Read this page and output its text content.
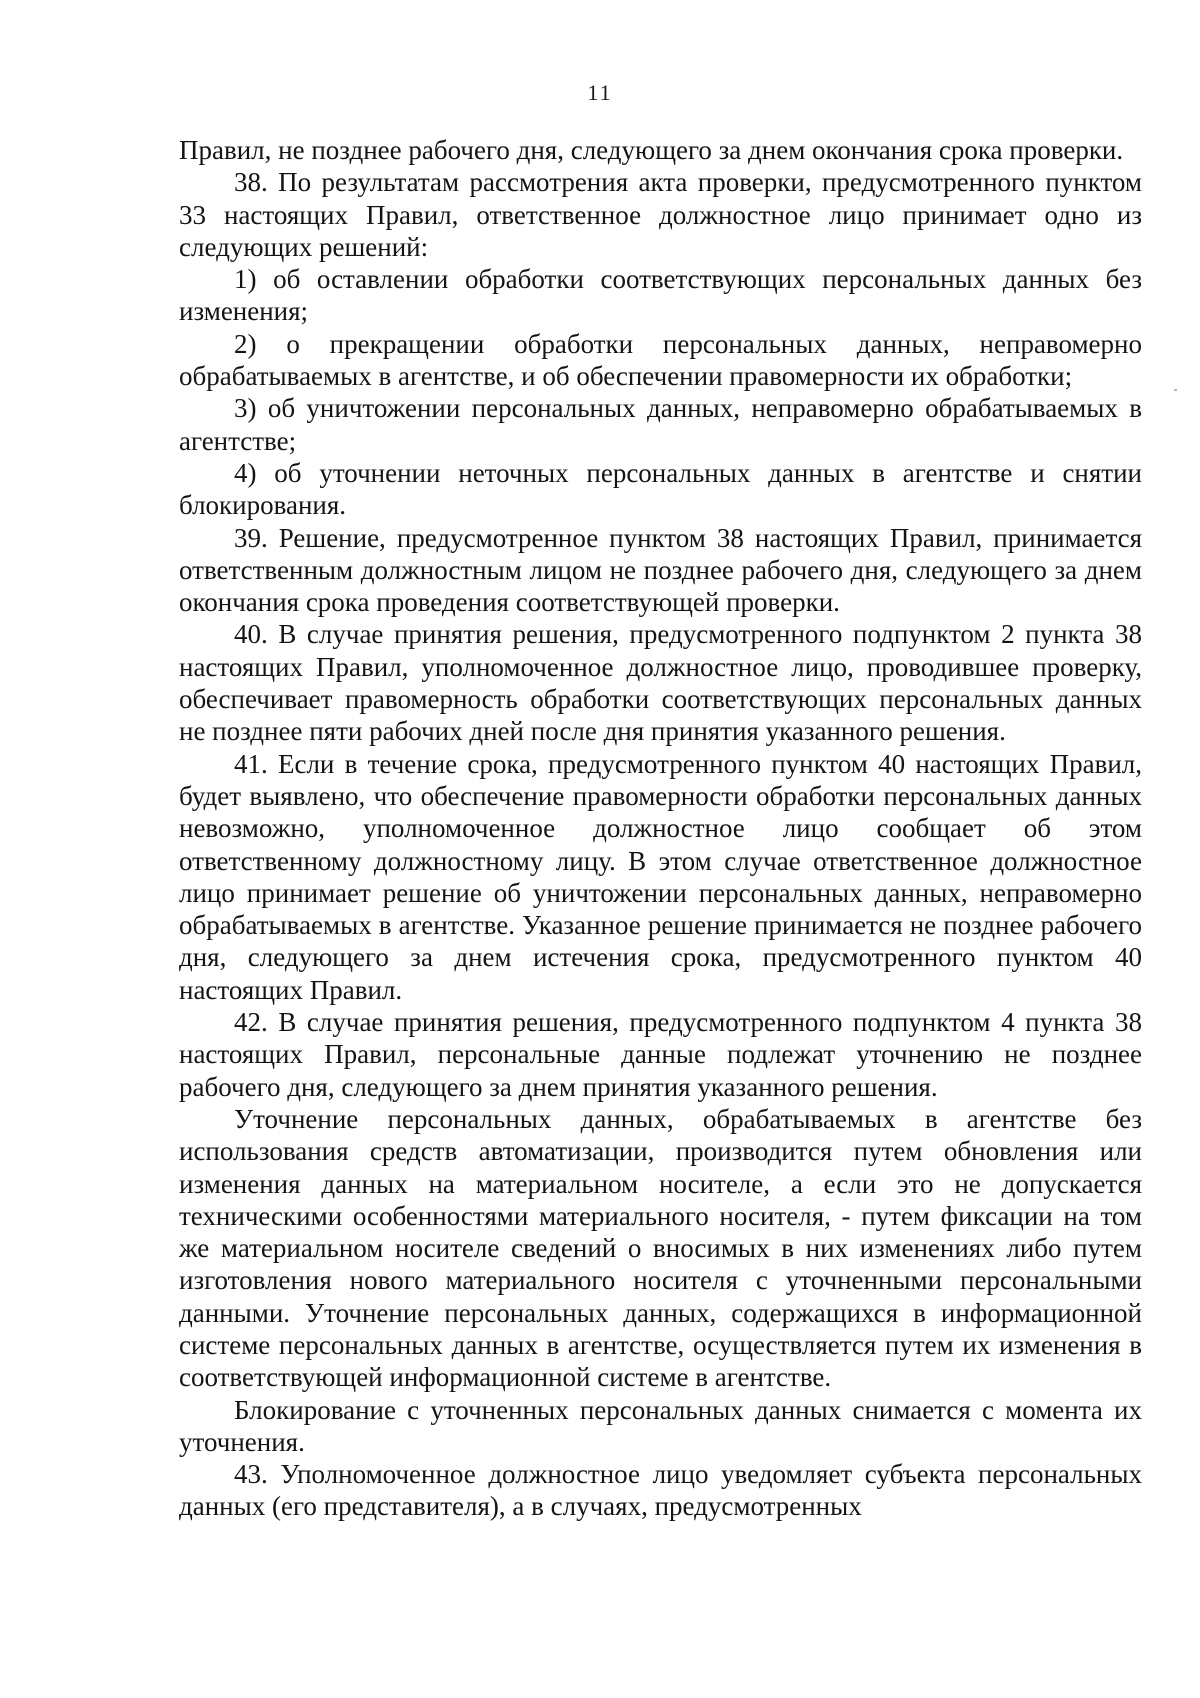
11

Правил, не позднее рабочего дня, следующего за днем окончания срока проверки.

38. По результатам рассмотрения акта проверки, предусмотренного пунктом 33 настоящих Правил, ответственное должностное лицо принимает одно из следующих решений:

1) об оставлении обработки соответствующих персональных данных без изменения;

2) о прекращении обработки персональных данных, неправомерно обрабатываемых в агентстве, и об обеспечении правомерности их обработки;

3) об уничтожении персональных данных, неправомерно обрабатываемых в агентстве;

4) об уточнении неточных персональных данных в агентстве и снятии блокирования.

39. Решение, предусмотренное пунктом 38 настоящих Правил, принимается ответственным должностным лицом не позднее рабочего дня, следующего за днем окончания срока проведения соответствующей проверки.

40. В случае принятия решения, предусмотренного подпунктом 2 пункта 38 настоящих Правил, уполномоченное должностное лицо, проводившее проверку, обеспечивает правомерность обработки соответствующих персональных данных не позднее пяти рабочих дней после дня принятия указанного решения.

41. Если в течение срока, предусмотренного пунктом 40 настоящих Правил, будет выявлено, что обеспечение правомерности обработки персональных данных невозможно, уполномоченное должностное лицо сообщает об этом ответственному должностному лицу. В этом случае ответственное должностное лицо принимает решение об уничтожении персональных данных, неправомерно обрабатываемых в агентстве. Указанное решение принимается не позднее рабочего дня, следующего за днем истечения срока, предусмотренного пунктом 40 настоящих Правил.

42. В случае принятия решения, предусмотренного подпунктом 4 пункта 38 настоящих Правил, персональные данные подлежат уточнению не позднее рабочего дня, следующего за днем принятия указанного решения.

Уточнение персональных данных, обрабатываемых в агентстве без использования средств автоматизации, производится путем обновления или изменения данных на материальном носителе, а если это не допускается техническими особенностями материального носителя, - путем фиксации на том же материальном носителе сведений о вносимых в них изменениях либо путем изготовления нового материального носителя с уточненными персональными данными. Уточнение персональных данных, содержащихся в информационной системе персональных данных в агентстве, осуществляется путем их изменения в соответствующей информационной системе в агентстве.

Блокирование с уточненных персональных данных снимается с момента их уточнения.

43. Уполномоченное должностное лицо уведомляет субъекта персональных данных (его представителя), а в случаях, предусмотренных
